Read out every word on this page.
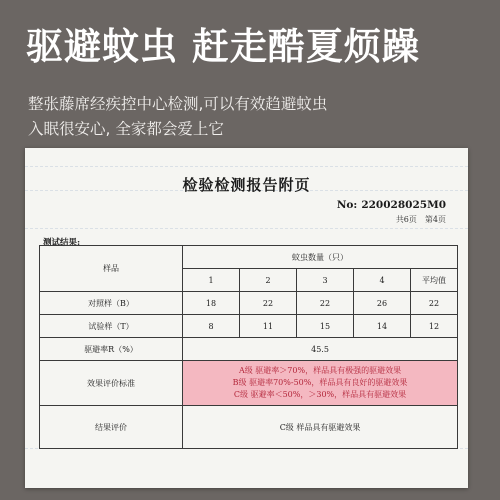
驱避蚊虫 赶走酷夏烦躁
整张藤席经疾控中心检测,可以有效趋避蚊虫
入眠很安心, 全家都会爱上它
检验检测报告附页
No: 220028025M0
共6页 第4页
测试结果:
样品	蚊虫数量（只）				
	1	2	3	4	平均值
对照样（B）	18	22	22	26	22
试验样（T）	8	11	15	14	12
驱避率R（%）	45.5				
效果评价标准	A级 驱避率＞70%，样品具有极强的驱避效果
B级 驱避率70%-50%，样品具有良好的驱避效果
C级 驱避率＜50%，＞30%，样品具有驱避效果				

结果评价	C级 样品具有驱避效果				
